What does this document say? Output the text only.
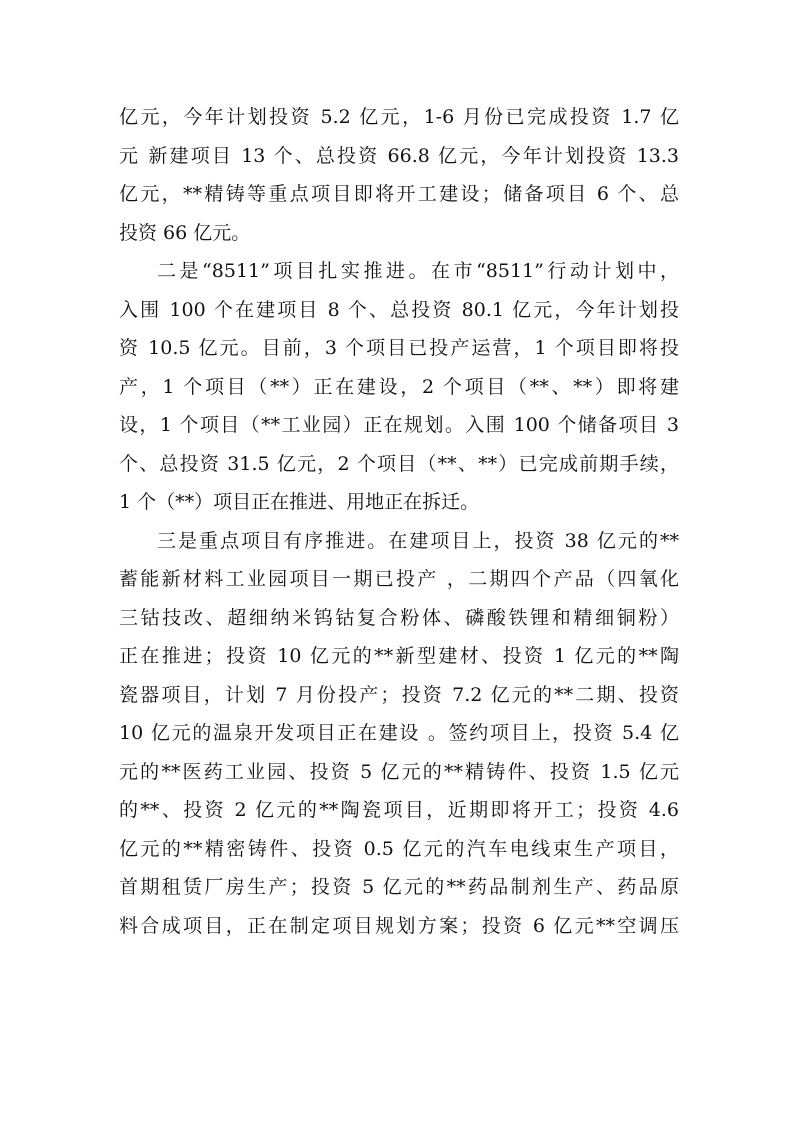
亿元，今年计划投资 5.2 亿元，1-6 月份已完成投资 1.7 亿
元 新建项目 13 个、总投资 66.8 亿元，今年计划投资 13.3
亿元，**精铸等重点项目即将开工建设；储备项目 6 个、总
投资 66 亿元。
二是“8511”项目扎实推进。在市“8511”行动计划中，
入围 100 个在建项目 8 个、总投资 80.1 亿元，今年计划投
资 10.5 亿元。目前，3 个项目已投产运营，1 个项目即将投
产，1 个项目（**）正在建设，2 个项目（**、**）即将建
设，1 个项目（**工业园）正在规划。入围 100 个储备项目 3
个、总投资 31.5 亿元，2 个项目（**、**）已完成前期手续，
1 个（**）项目正在推进、用地正在拆迁。
三是重点项目有序推进。在建项目上，投资 38 亿元的**
蓄能新材料工业园项目一期已投产 ，二期四个产品（四氧化
三钴技改、超细纳米钨钴复合粉体、磷酸铁锂和精细铜粉）
正在推进；投资 10 亿元的**新型建材、投资 1 亿元的**陶
瓷器项目，计划 7 月份投产；投资 7.2 亿元的**二期、投资
10 亿元的温泉开发项目正在建设 。签约项目上，投资 5.4 亿
元的**医药工业园、投资 5 亿元的**精铸件、投资 1.5 亿元
的**、投资 2 亿元的**陶瓷项目，近期即将开工；投资 4.6
亿元的**精密铸件、投资 0.5 亿元的汽车电线束生产项目，
首期租赁厂房生产；投资 5 亿元的**药品制剂生产、药品原
料合成项目，正在制定项目规划方案；投资 6 亿元**空调压
